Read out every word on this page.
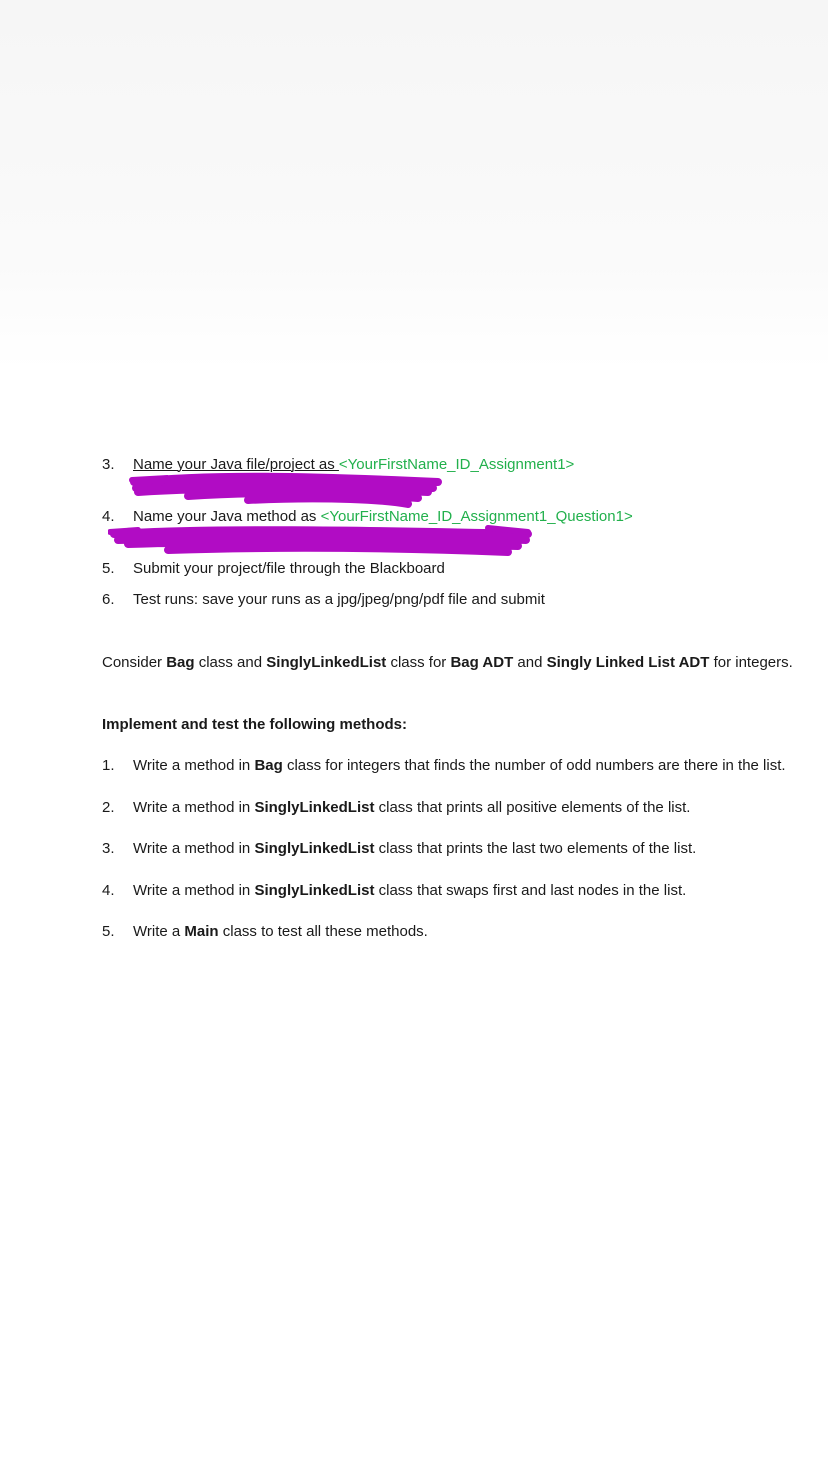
3.	Name your Java file/project as <YourFirstName_ID_Assignment1>
4.	Name your Java method as <YourFirstName_ID_Assignment1_Question1>
5.	Submit your project/file through the Blackboard
6.	Test runs: save your runs as a jpg/jpeg/png/pdf file and submit
Consider Bag class and SinglyLinkedList class for Bag ADT and Singly Linked List ADT for integers.
Implement and test the following methods:
1.	Write a method in Bag class for integers that finds the number of odd numbers are there in the list.
2.	Write a method in SinglyLinkedList class that prints all positive elements of the list.
3.	Write a method in SinglyLinkedList class that prints the last two elements of the list.
4.	Write a method in SinglyLinkedList class that swaps first and last nodes in the list.
5.	Write a Main class to test all these methods.
